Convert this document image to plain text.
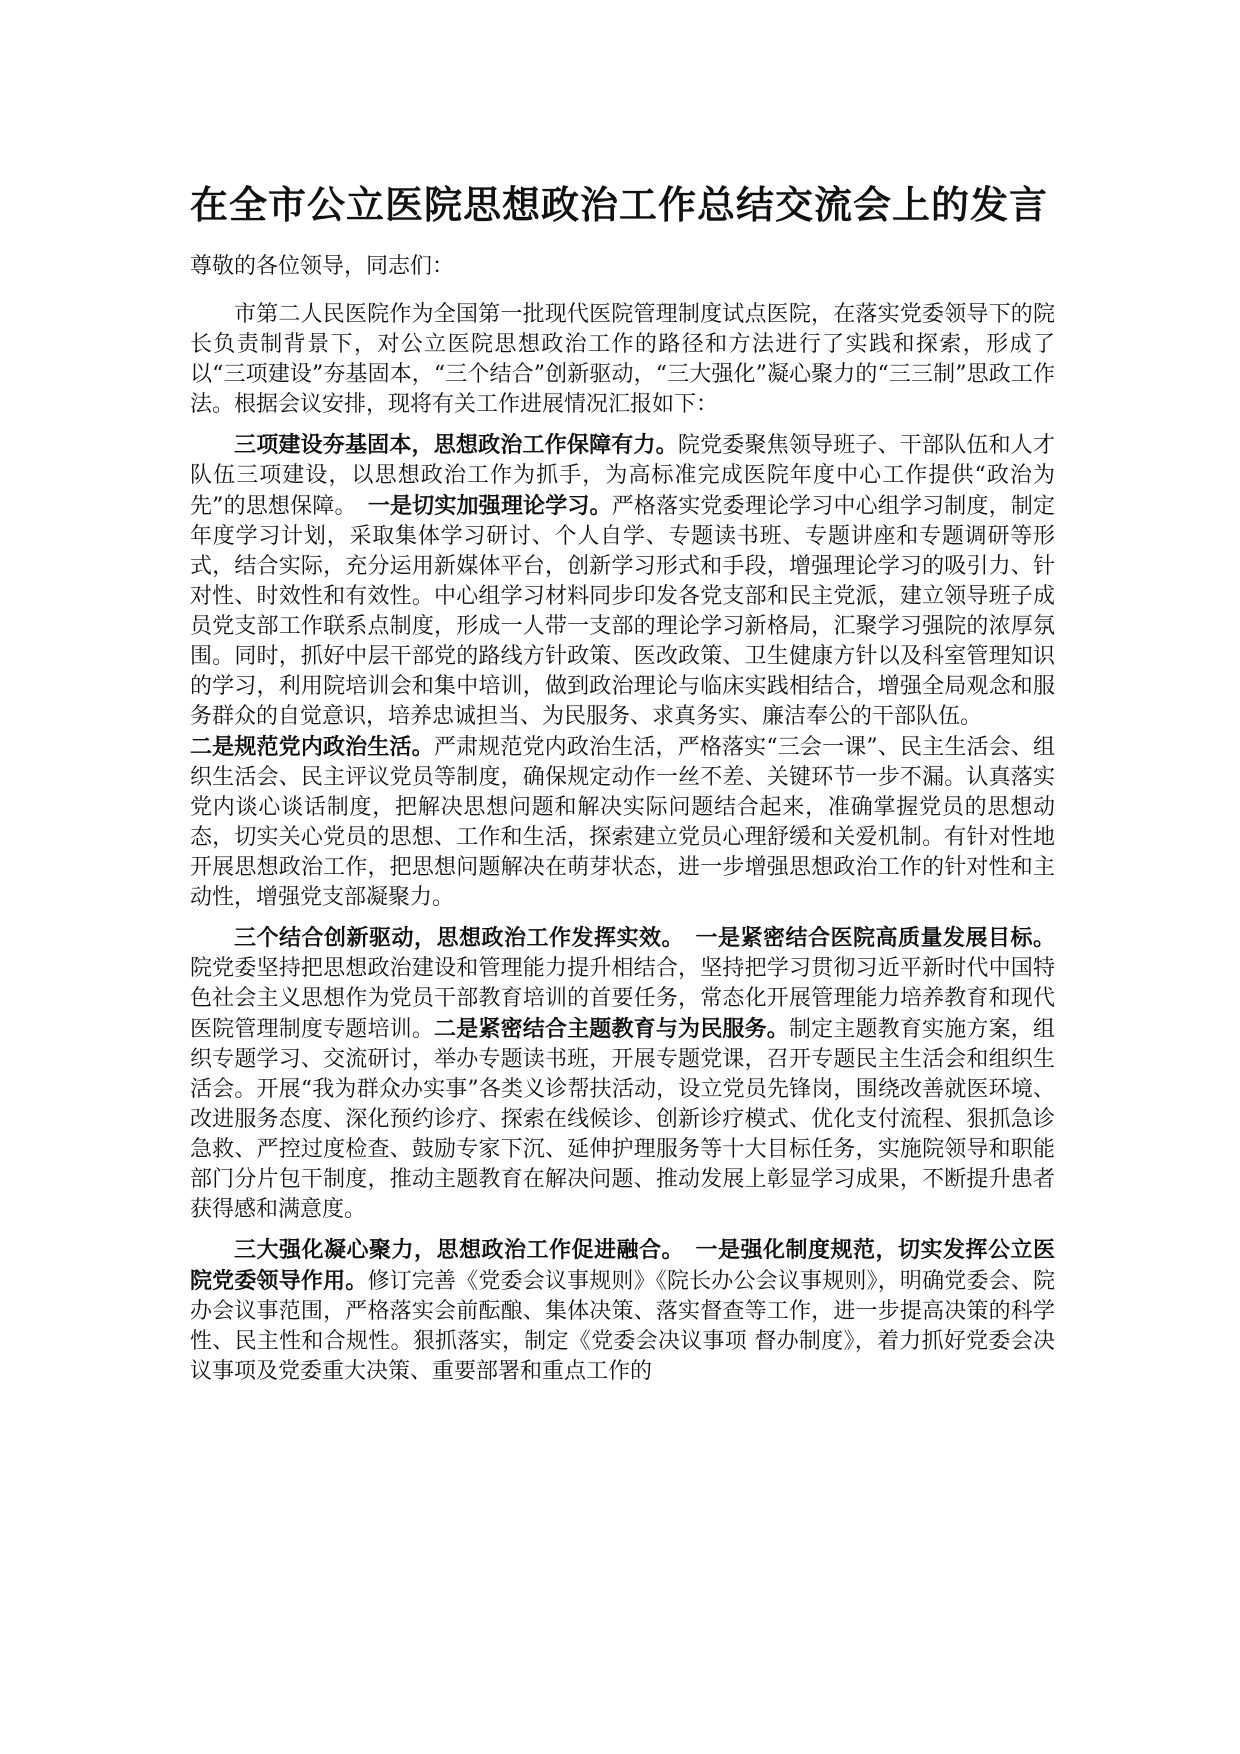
在全市公立医院思想政治工作总结交流会上的发言

尊敬的各位领导，同志们：

市第二人民医院作为全国第一批现代医院管理制度试点医院，在落实党委领导下的院长负责制背景下，对公立医院思想政治工作的路径和方法进行了实践和探索，形成了以“三项建设”夯基固本，“三个结合”创新驱动，“三大强化”凝心聚力的“三三制”思政工作法。根据会议安排，现将有关工作进展情况汇报如下：

三项建设夯基固本，思想政治工作保障有力。院党委聚焦领导班子、干部队伍和人才队伍三项建设，以思想政治工作为抓手，为高标准完成医院年度中心工作提供“政治为先”的思想保障。　 一是切实加强理论学习。严格落实党委理论学习中心组学习制度，制定年度学习计划，采取集体学习研讨、个人自学、专题读书班、专题讲座和专题调研等形式，结合实际，充分运用新媒体平台，创新学习形式和手段，增强理论学习的吸引力、针对性、时效性和有效性。中心组学习材料同步印发各党支部和民主党派，建立领导班子成员党支部工作联系点制度，形成一人带一支部的理论学习新格局，汇聚学习强院的浓厚氛围。同时，抓好中层干部党的路线方针政策、医改政策、卫生健康方针以及科室管理知识的学习，利用院培训会和集中培训，做到政治理论与临床实践相结合，增强全局观念和服务群众的自觉意识，培养忠诚担当、为民服务、求真务实、廉洁奉公的干部队伍。

二是规范党内政治生活。严肃规范党内政治生活，严格落实“三会一课”、民主生活会、组织生活会、民主评议党员等制度，确保规定动作一丝不差、关键环节一步不漏。认真落实党内谈心谈话制度，把解决思想问题和解决实际问题结合起来，准确掌握党员的思想动态，切实关心党员的思想、工作和生活，探索建立党员心理舒缓和关爱机制。有针对性地开展思想政治工作，把思想问题解决在萌芽状态，进一步增强思想政治工作的针对性和主动性，增强党支部凝聚力。

三个结合创新驱动，思想政治工作发挥实效。　 一是紧密结合医院高质量发展目标。院党委坚持把思想政治建设和管理能力提升相结合，坚持把学习贯彻习近平新时代中国特色社会主义思想作为党员干部教育培训的首要任务，常态化开展管理能力培养教育和现代医院管理制度专题培训。二是紧密结合主题教育与为民服务。制定主题教育实施方案，组织专题学习、交流研讨，举办专题读书班，开展专题党课，召开专题民主生活会和组织生活会。开展“我为群众办实事”各类义诊帮扶活动，设立党员先锋岗，围绕改善就医环境、改进服务态度、深化预约诊疗、探索在线候诊、创新诊疗模式、优化支付流程、狠抓急诊急救、严控过度检查、鼓励专家下沉、延伸护理服务等十大目标任务，实施院领导和职能部门分片包干制度，推动主题教育在解决问题、推动发展上彰显学习成果，不断提升患者获得感和满意度。

三大强化凝心聚力，思想政治工作促进融合。　 一是强化制度规范，切实发挥公立医院党委领导作用。修订完善《党委会议事规则》《院长办公会议事规则》，明确党委会、院办会议事范围，严格落实会前酝酿、集体决策、落实督查等工作，进一步提高决策的科学性、民主性和合规性。狠抓落实，制定《党委会决议事项 督办制度》，着力抓好党委会决议事项及党委重大决策、重要部署和重点工作的
